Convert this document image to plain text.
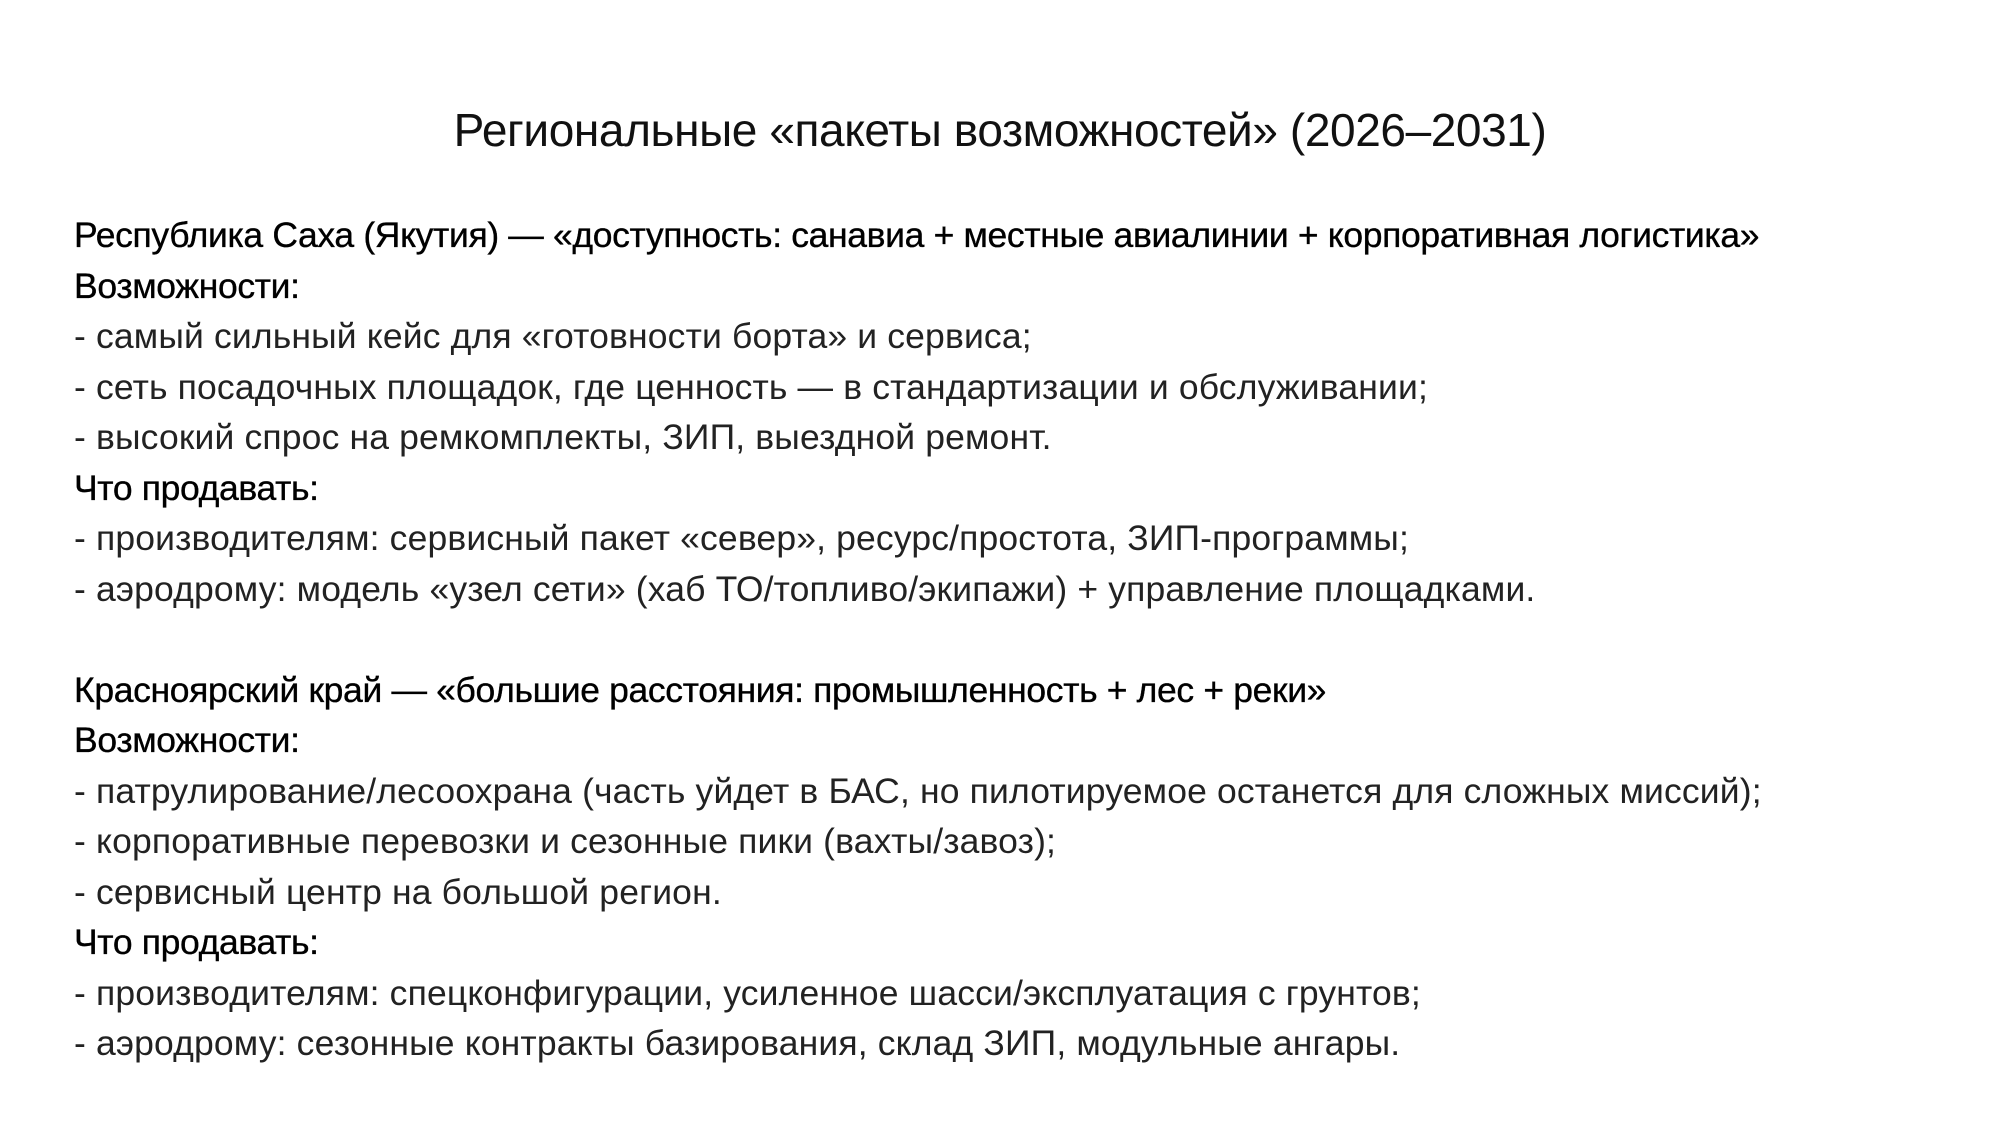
Региональные «пакеты возможностей» (2026–2031)
Республика Саха (Якутия) — «доступность: санавиа + местные авиалинии + корпоративная логистика»
Возможности:
- самый сильный кейс для «готовности борта» и сервиса;
- сеть посадочных площадок, где ценность — в стандартизации и обслуживании;
- высокий спрос на ремкомплекты, ЗИП, выездной ремонт.
Что продавать:
- производителям: сервисный пакет «север», ресурс/простота, ЗИП-программы;
- аэродрому: модель «узел сети» (хаб ТО/топливо/экипажи) + управление площадками.
Красноярский край — «большие расстояния: промышленность + лес + реки»
Возможности:
- патрулирование/лесоохрана (часть уйдет в БАС, но пилотируемое останется для сложных миссий);
- корпоративные перевозки и сезонные пики (вахты/завоз);
- сервисный центр на большой регион.
Что продавать:
- производителям: спецконфигурации, усиленное шасси/эксплуатация с грунтов;
- аэродрому: сезонные контракты базирования, склад ЗИП, модульные ангары.
